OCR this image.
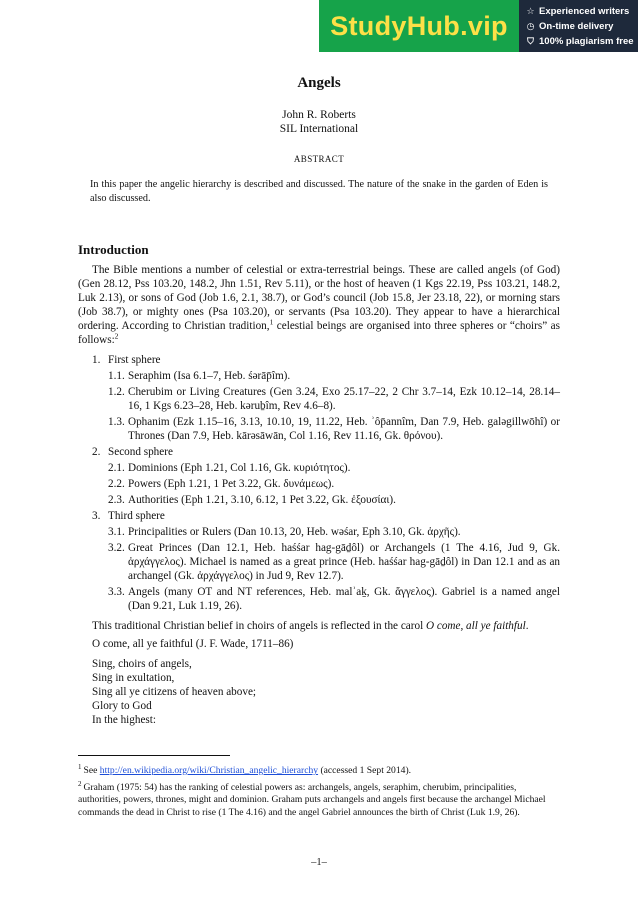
StudyHub.vip ☆ Experienced writers
◷ On-time delivery
⛉ 100% plagiarism free
Angels
John R. Roberts
SIL International
ABSTRACT
In this paper the angelic hierarchy is described and discussed. The nature of the snake in the garden of Eden is also discussed.
Introduction

The Bible mentions a number of celestial or extra-terrestrial beings. These are called angels (of God) (Gen 28.12, Pss 103.20, 148.2, Jhn 1.51, Rev 5.11), or the host of heaven (1 Kgs 22.19, Pss 103.21, 148.2, Luk 2.13), or sons of God (Job 1.6, 2.1, 38.7), or God’s council (Job 15.8, Jer 23.18, 22), or morning stars (Job 38.7), or mighty ones (Psa 103.20), or servants (Psa 103.20). They appear to have a hierarchical ordering. According to Christian tradition,$^1$ celestial beings are organised into three spheres or “choirs” as follows:$^2$

1. First sphere
1.1. Seraphim (Isa 6.1–7, Heb. śərāp̄îm).
1.2. Cherubim or Living Creatures (Gen 3.24, Exo 25.17–22, 2 Chr 3.7–14, Ezk 10.12–14, 28.14–16, 1 Kgs 6.23–28, Heb. kəruḇîm, Rev 4.6–8).
1.3. Ophanim (Ezk 1.15–16, 3.13, 10.10, 19, 11.22, Heb. ʾôp̄annîm, Dan 7.9, Heb. galəgillwōhî) or Thrones (Dan 7.9, Heb. kārəsāwān, Col 1.16, Rev 11.16, Gk. θρόνου).
2. Second sphere
2.1. Dominions (Eph 1.21, Col 1.16, Gk. κυριότητος).
2.2. Powers (Eph 1.21, 1 Pet 3.22, Gk. δυνάμεως).
2.3. Authorities (Eph 1.21, 3.10, 6.12, 1 Pet 3.22, Gk. ἐξουσίαι).
3. Third sphere
3.1. Principalities or Rulers (Dan 10.13, 20, Heb. wəśar, Eph 3.10, Gk. ἀρχῆς).
3.2. Great Princes (Dan 12.1, Heb. haśśar hag-gāḏôl) or Archangels (1 The 4.16, Jud 9, Gk. ἀρχάγγελος). Michael is named as a great prince (Heb. haśśar hag-gāḏôl) in Dan 12.1 and as an archangel (Gk. ἀρχάγγελος) in Jud 9, Rev 12.7).
3.3. Angels (many OT and NT references, Heb. malʾaḵ, Gk. ἄγγελος). Gabriel is a named angel (Dan 9.21, Luk 1.19, 26).

This traditional Christian belief in choirs of angels is reflected in the carol O come, all ye faithful.

O come, all ye faithful (J. F. Wade, 1711–86)

Sing, choirs of angels,
Sing in exultation,
Sing all ye citizens of heaven above;
Glory to God
In the highest:

$^1$ See http://en.wikipedia.org/wiki/Christian_angelic_hierarchy (accessed 1 Sept 2014).

$^2$ Graham (1975: 54) has the ranking of celestial powers as: archangels, angels, seraphim, cherubim, principalities, authorities, powers, thrones, might and dominion. Graham puts archangels and angels first because the archangel Michael commands the dead in Christ to rise (1 The 4.16) and the angel Gabriel announces the birth of Christ (Luk 1.9, 26).

–1–
